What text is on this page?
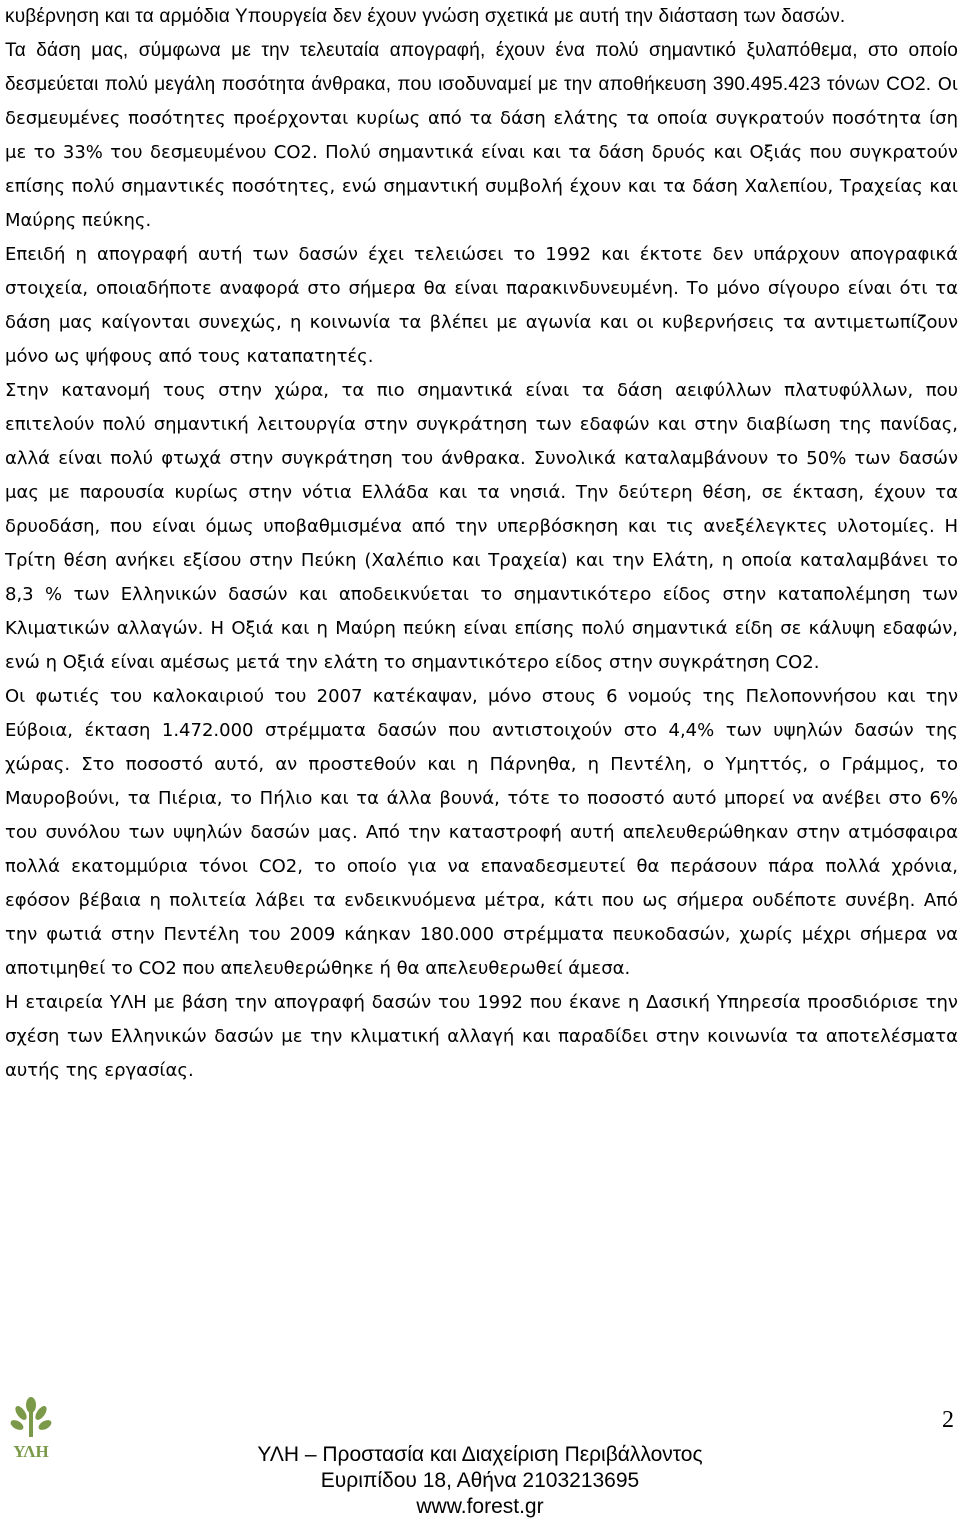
κυβέρνηση και τα αρμόδια Υπουργεία δεν έχουν γνώση σχετικά με αυτή την διάσταση των δασών.

Τα δάση μας, σύμφωνα με την τελευταία απογραφή, έχουν ένα πολύ σημαντικό ξυλαπόθεμα, στο οποίο δεσμεύεται πολύ μεγάλη ποσότητα άνθρακα, που ισοδυναμεί με την αποθήκευση 390.495.423 τόνων CO2. Οι δεσμευμένες ποσότητες προέρχονται κυρίως από τα δάση ελάτης τα οποία συγκρατούν ποσότητα ίση με το 33% του δεσμευμένου CO2. Πολύ σημαντικά είναι και τα δάση δρυός και Οξιάς που συγκρατούν επίσης πολύ σημαντικές ποσότητες, ενώ σημαντική συμβολή έχουν και τα δάση Χαλεπίου, Τραχείας και Μαύρης πεύκης.

Επειδή η απογραφή αυτή των δασών έχει τελειώσει το 1992 και έκτοτε δεν υπάρχουν απογραφικά στοιχεία, οποιαδήποτε αναφορά στο σήμερα θα είναι παρακινδυνευμένη. Το μόνο σίγουρο είναι ότι τα δάση μας καίγονται συνεχώς, η κοινωνία τα βλέπει με αγωνία και οι κυβερνήσεις τα αντιμετωπίζουν μόνο ως ψήφους από τους καταπατητές.

Στην κατανομή τους στην χώρα, τα πιο σημαντικά είναι τα δάση αειφύλλων πλατυφύλλων, που επιτελούν πολύ σημαντική λειτουργία στην συγκράτηση των εδαφών και στην διαβίωση της πανίδας, αλλά είναι πολύ φτωχά στην συγκράτηση του άνθρακα. Συνολικά καταλαμβάνουν το 50% των δασών μας με παρουσία κυρίως στην νότια Ελλάδα και τα νησιά. Την δεύτερη θέση, σε έκταση, έχουν τα δρυοδάση, που είναι όμως υποβαθμισμένα από την υπερβόσκηση και τις ανεξέλεγκτες υλοτομίες. Η Τρίτη θέση ανήκει εξίσου στην Πεύκη (Χαλέπιο και Τραχεία) και την Ελάτη, η οποία καταλαμβάνει το 8,3 % των Ελληνικών δασών και αποδεικνύεται το σημαντικότερο είδος στην καταπολέμηση των Κλιματικών αλλαγών. Η Οξιά και η Μαύρη πεύκη είναι επίσης πολύ σημαντικά είδη σε κάλυψη εδαφών, ενώ η Οξιά είναι αμέσως μετά την ελάτη το σημαντικότερο είδος στην συγκράτηση CO2.

Οι φωτιές του καλοκαιριού του 2007 κατέκαψαν, μόνο στους 6 νομούς της Πελοποννήσου και την Εύβοια, έκταση 1.472.000 στρέμματα δασών που αντιστοιχούν στο 4,4% των υψηλών δασών της χώρας. Στο ποσοστό αυτό, αν προστεθούν και η Πάρνηθα, η Πεντέλη, ο Υμηττός, ο Γράμμος, το Μαυροβούνι, τα Πιέρια, το Πήλιο και τα άλλα βουνά, τότε το ποσοστό αυτό μπορεί να ανέβει στο 6% του συνόλου των υψηλών δασών μας. Από την καταστροφή αυτή απελευθερώθηκαν στην ατμόσφαιρα πολλά εκατομμύρια τόνοι CO2, το οποίο για να επαναδεσμευτεί θα περάσουν πάρα πολλά χρόνια, εφόσον βέβαια η πολιτεία λάβει τα ενδεικνυόμενα μέτρα, κάτι που ως σήμερα ουδέποτε συνέβη. Από την φωτιά στην Πεντέλη του 2009 κάηκαν 180.000 στρέμματα πευκοδασών, χωρίς μέχρι σήμερα να αποτιμηθεί το CO2 που απελευθερώθηκε ή θα απελευθερωθεί άμεσα.

Η εταιρεία ΥΛΗ με βάση την απογραφή δασών του 1992 που έκανε η Δασική Υπηρεσία προσδιόρισε την σχέση των Ελληνικών δασών με την κλιματική αλλαγή και παραδίδει στην κοινωνία τα αποτελέσματα αυτής της εργασίας.

2
ΥΛΗ	ΥΛΗ – Προστασία και Διαχείριση Περιβάλλοντος
Ευριπίδου 18, Αθήνα 2103213695
www.forest.gr
